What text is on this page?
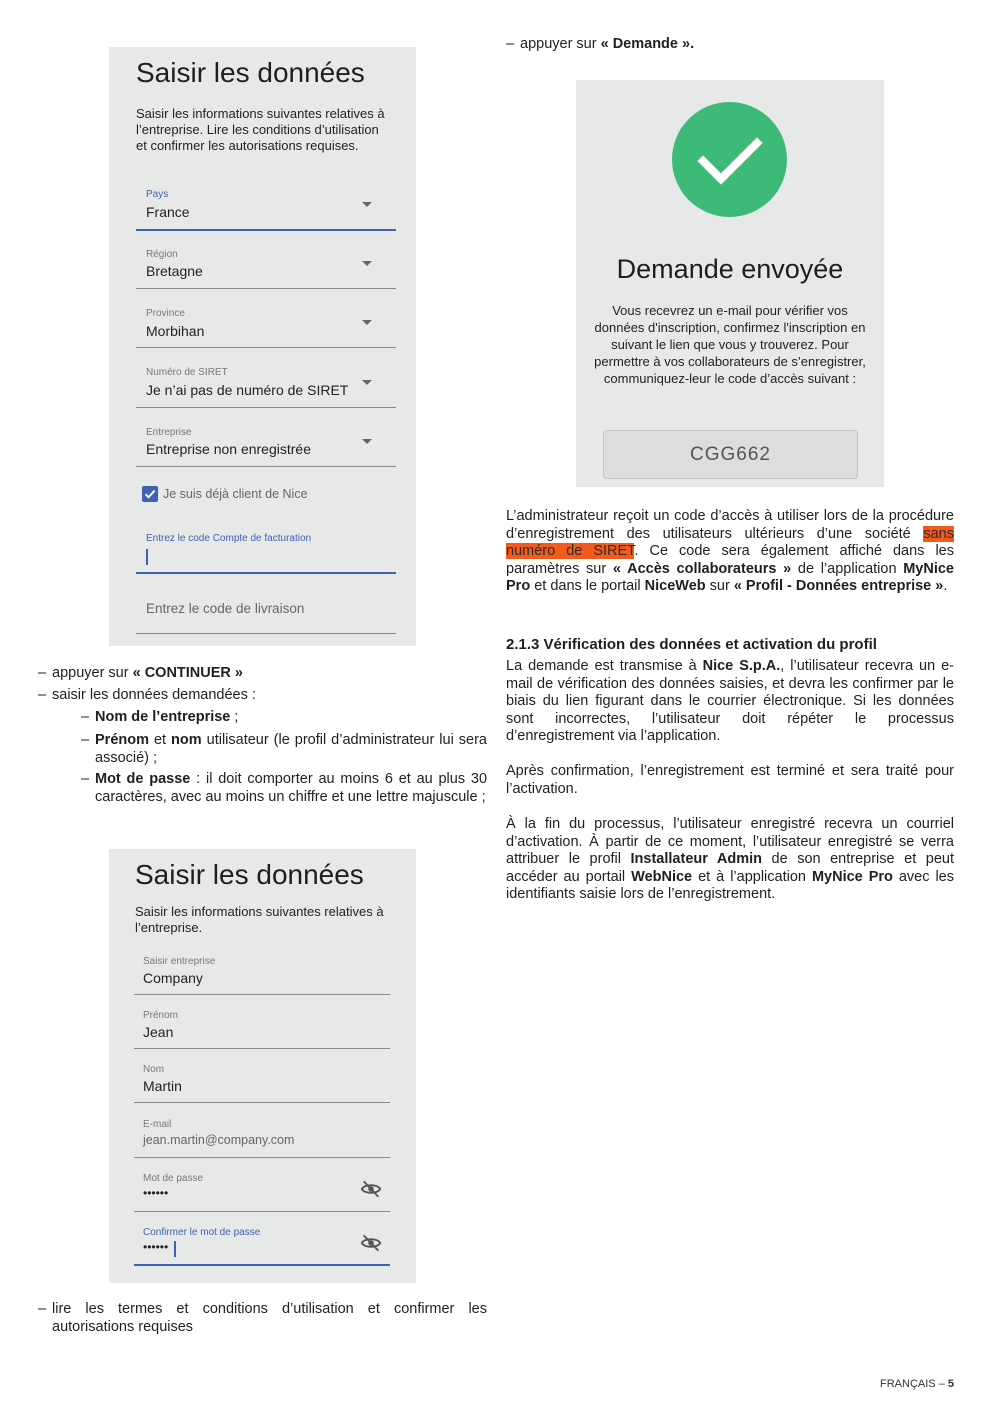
Saisir les données
Saisir les informations suivantes relatives à l’entreprise. Lire les conditions d’utilisation et confirmer les autorisations requises.
Pays
France
Région
Bretagne
Province
Morbihan
Numéro de SIRET
Je n’ai pas de numéro de SIRET
Entreprise
Entreprise non enregistrée
Je suis déjà client de Nice
Entrez le code Compte de facturation
Entrez le code de livraison
– appuyer sur « CONTINUER »
– saisir les données demandées :
– Nom de l’entreprise ;
– Prénom et nom utilisateur (le profil d’administrateur lui sera associé) ;
– Mot de passe : il doit comporter au moins 6 et au plus 30 caractères, avec au moins un chiffre et une lettre majuscule ;
Saisir les données
Saisir les informations suivantes relatives à l’entreprise.
Saisir entreprise
Company
Prénom
Jean
Nom
Martin
E-mail
jean.martin@company.com
Mot de passe
••••••
Confirmer le mot de passe
••••••
– lire les termes et conditions d’utilisation et confirmer les autorisations requises
– appuyer sur « Demande ».
Demande envoyée
Vous recevrez un e-mail pour vérifier vos données d'inscription, confirmez l'inscription en suivant le lien que vous y trouverez. Pour permettre à vos collaborateurs de s’enregistrer, communiquez-leur le code d’accès suivant :
CGG662
L’administrateur reçoit un code d’accès à utiliser lors de la procédure d’enregistrement des utilisateurs ultérieurs d’une société sans numéro de SIRET. Ce code sera également affiché dans les paramètres sur « Accès collaborateurs » de l’application MyNice Pro et dans le portail NiceWeb sur « Profil - Données entreprise ».
2.1.3 Vérification des données et activation du profil
La demande est transmise à Nice S.p.A., l’utilisateur recevra un e-mail de vérification des données saisies, et devra les confirmer par le biais du lien figurant dans le courrier électronique. Si les données sont incorrectes, l’utilisateur doit répéter le processus d’enregistrement via l’application.
Après confirmation, l’enregistrement est terminé et sera traité pour l’activation.
À la fin du processus, l’utilisateur enregistré recevra un courriel d’activation. À partir de ce moment, l’utilisateur enregistré se verra attribuer le profil Installateur Admin de son entreprise et peut accéder au portail WebNice et à l’application MyNice Pro avec les identifiants saisie lors de l’enregistrement.
FRANÇAIS – 5
